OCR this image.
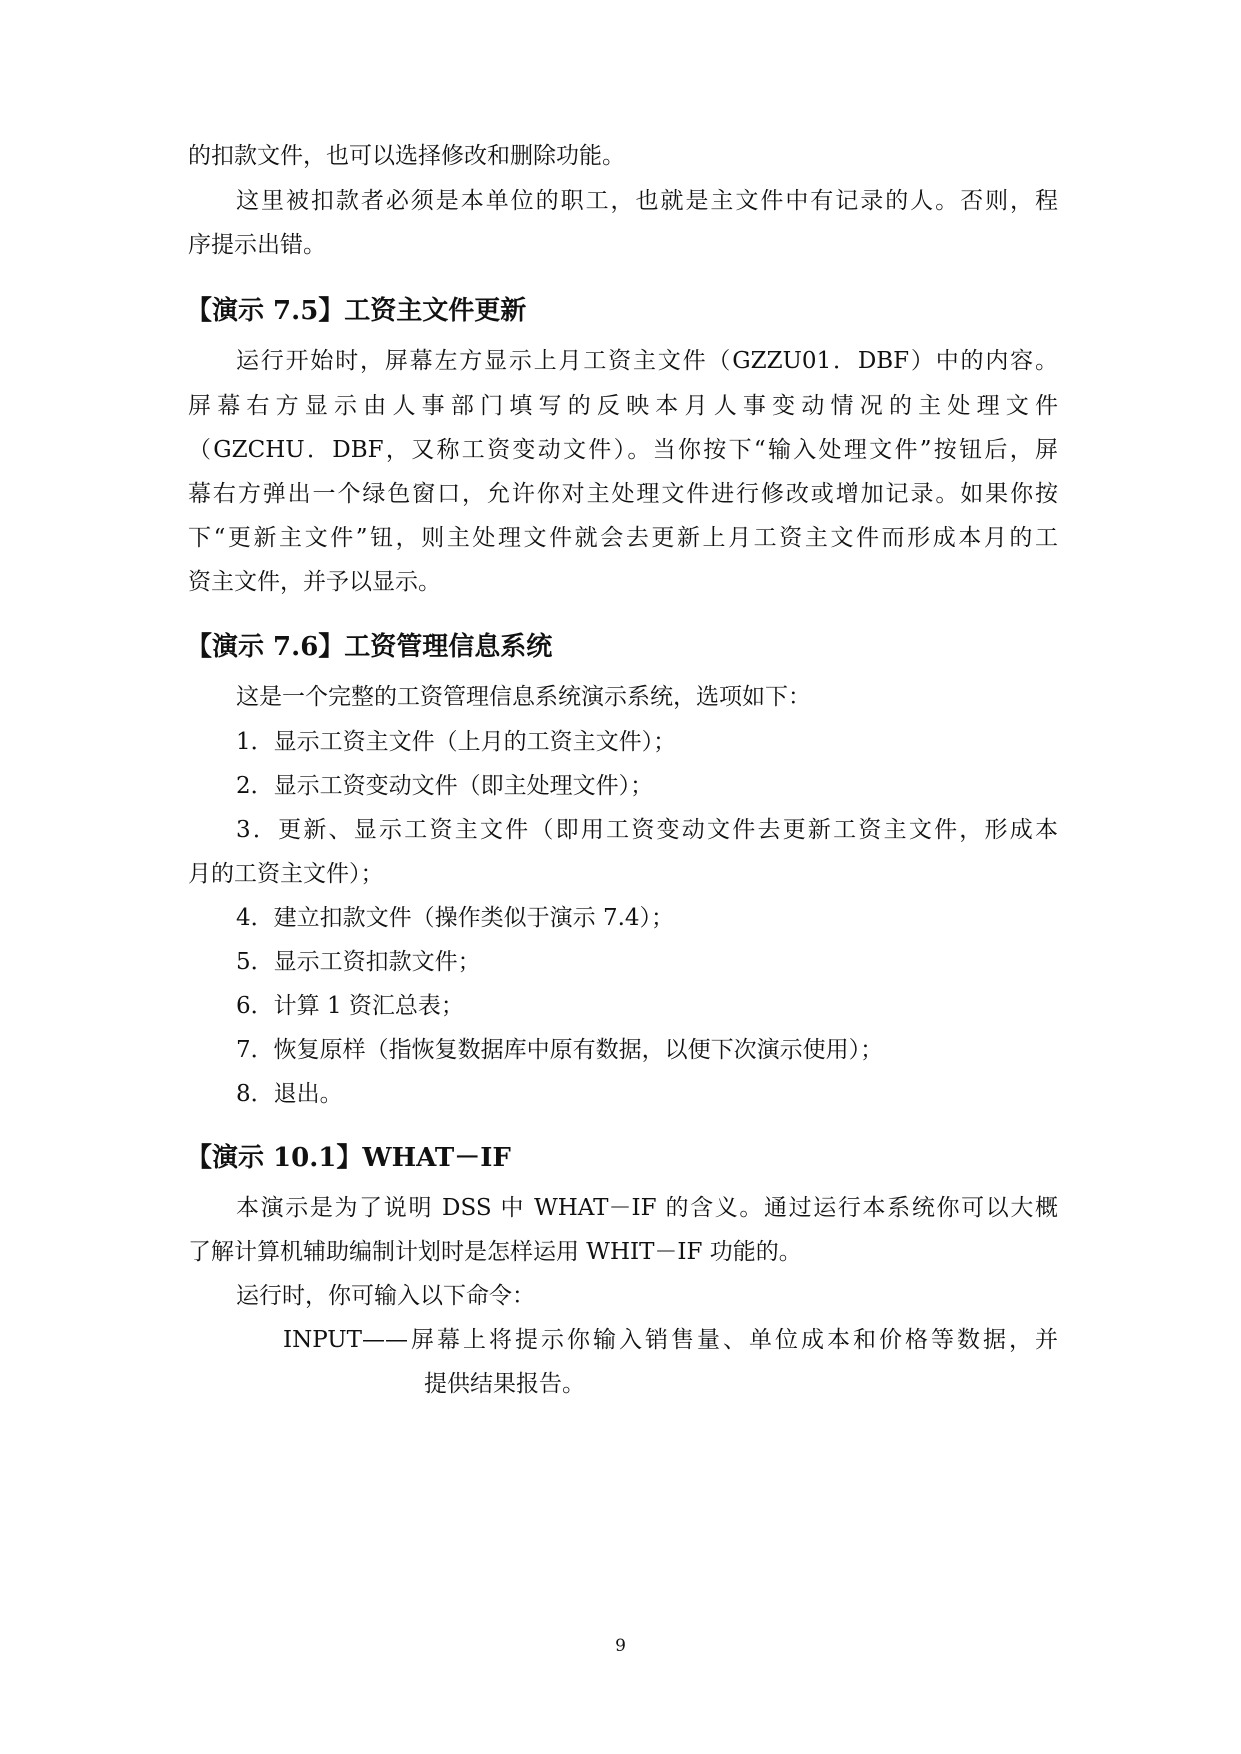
的扣款文件，也可以选择修改和删除功能。
这里被扣款者必须是本单位的职工，也就是主文件中有记录的人。否则，程
序提示出错。
【演示 7.5】工资主文件更新
运行开始时，屏幕左方显示上月工资主文件（GZZU01．DBF）中的内容。
屏幕右方显示由人事部门填写的反映本月人事变动情况的主处理文件
（GZCHU．DBF，又称工资变动文件）。当你按下“输入处理文件”按钮后，屏
幕右方弹出一个绿色窗口，允许你对主处理文件进行修改或增加记录。如果你按
下“更新主文件”钮，则主处理文件就会去更新上月工资主文件而形成本月的工
资主文件，并予以显示。
【演示 7.6】工资管理信息系统
这是一个完整的工资管理信息系统演示系统，选项如下：
1．显示工资主文件（上月的工资主文件）；
2．显示工资变动文件（即主处理文件）；
3．更新、显示工资主文件（即用工资变动文件去更新工资主文件，形成本
月的工资主文件）；
4．建立扣款文件（操作类似于演示 7.4）；
5．显示工资扣款文件；
6．计算 1 资汇总表；
7．恢复原样（指恢复数据库中原有数据，以便下次演示使用）；
8．退出。
【演示 10.1】WHAT－IF
本演示是为了说明 DSS 中 WHAT－IF 的含义。通过运行本系统你可以大概
了解计算机辅助编制计划时是怎样运用 WHIT－IF 功能的。
运行时，你可输入以下命令：
INPUT——屏幕上将提示你输入销售量、单位成本和价格等数据，并
提供结果报告。
9
